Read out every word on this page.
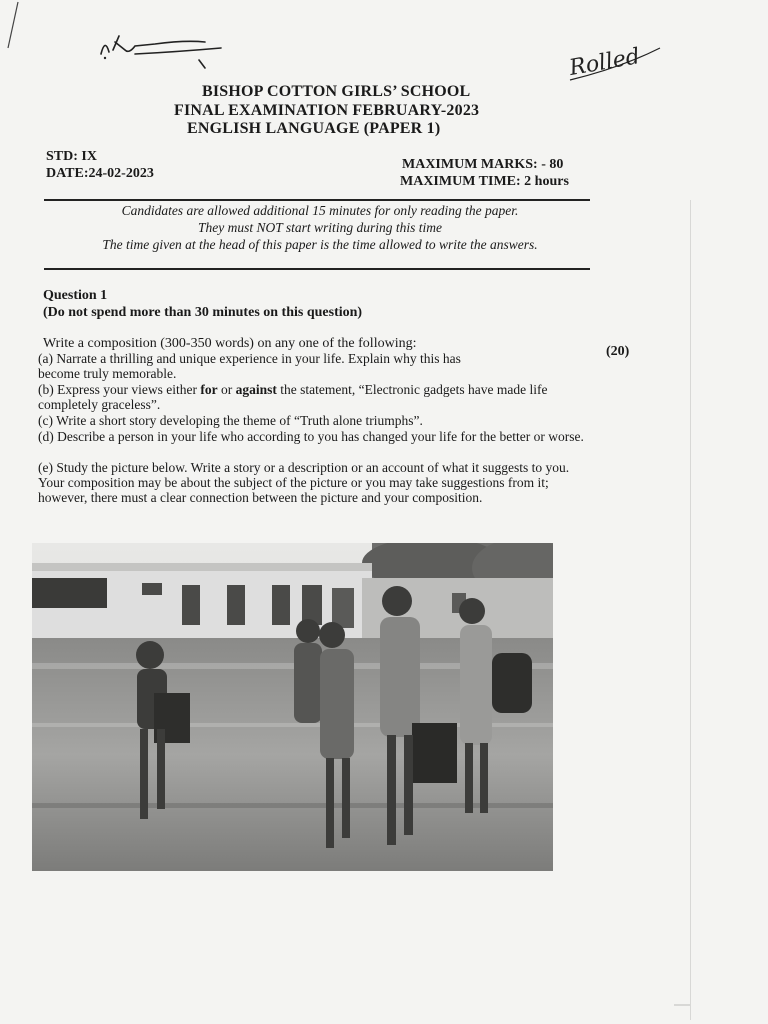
Rolled
BISHOP COTTON GIRLS’ SCHOOL
FINAL EXAMINATION FEBRUARY-2023
ENGLISH LANGUAGE (PAPER 1)
STD: IX
DATE:24-02-2023
MAXIMUM MARKS: - 80
MAXIMUM TIME: 2 hours
Candidates are allowed additional 15 minutes for only reading the paper.
They must NOT start writing during this time
The time given at the head of this paper is the time allowed to write the answers.
Question 1
(Do not spend more than 30 minutes on this question)
Write a composition (300-350 words) on any one of the following:
(20)
(a) Narrate a thrilling and unique experience in your life. Explain why this has become truly memorable.
(b) Express your views either for or against the statement, “Electronic gadgets have made life completely graceless”.
(c) Write a short story developing the theme of “Truth alone triumphs”.
(d) Describe a person in your life who according to you has changed your life for the better or worse.
(e) Study the picture below. Write a story or a description or an account of what it suggests to you. Your composition may be about the subject of the picture or you may take suggestions from it; however, there must a clear connection between the picture and your composition.
